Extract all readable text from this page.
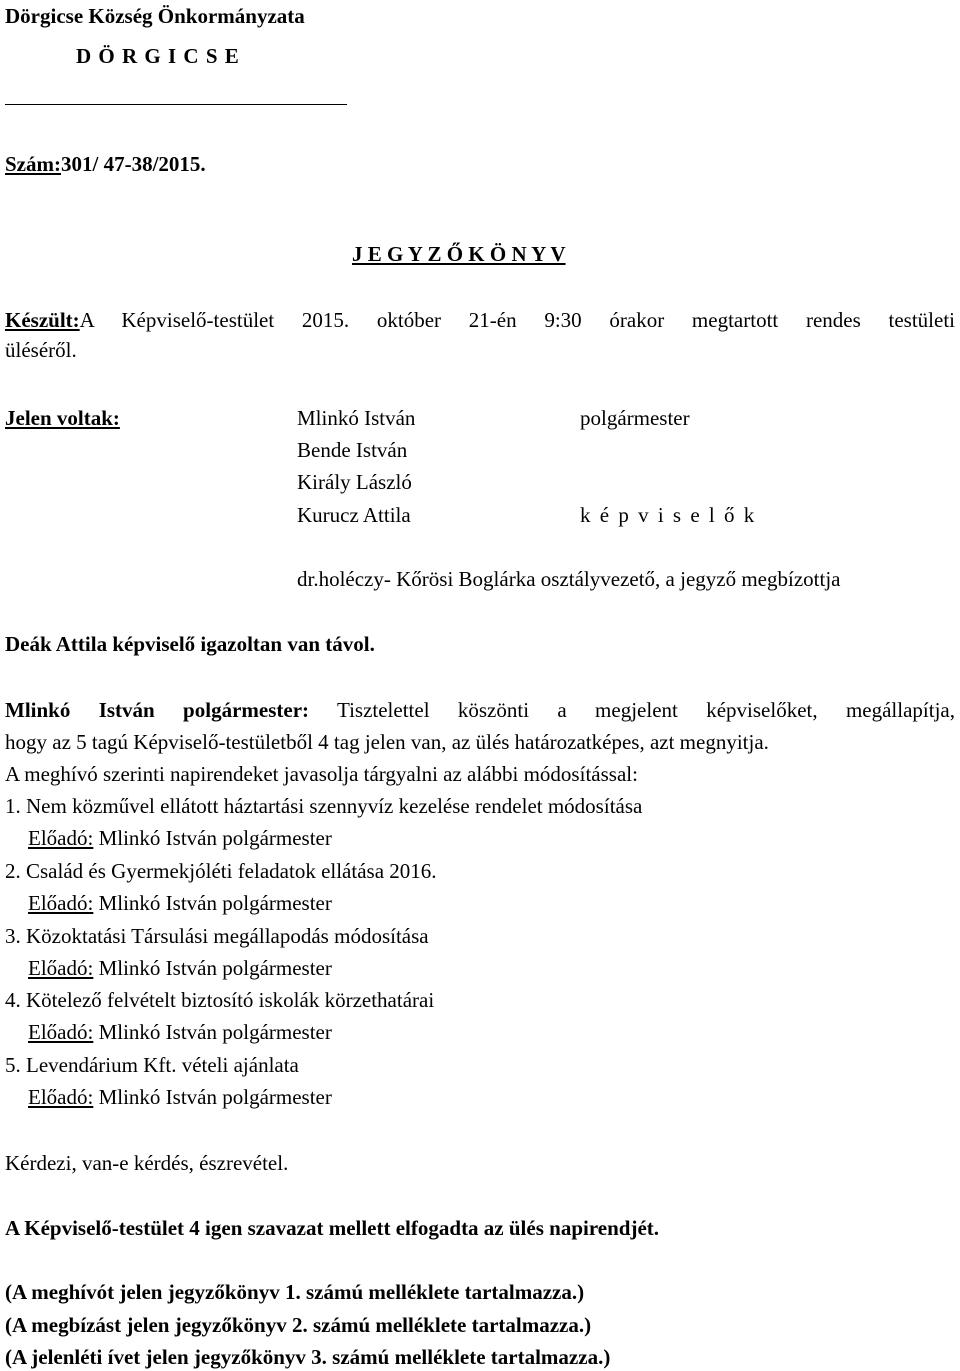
Dörgicse Község Önkormányzata
D Ö R G I C S E
Szám:301/ 47-38/2015.
J E G Y Z Ő K Ö N Y V
Készült:A Képviselő-testület 2015. október 21-én 9:30 órakor megtartott rendes testületi
üléséről.
Jelen voltak:	Mlinkó István
Bende István
Király László
Kurucz Attila
polgármester
k é p v i s e l ő k
dr.holéczy- Kőrösi Boglárka osztályvezető, a jegyző megbízottja
Deák Attila képviselő igazoltan van távol.
Mlinkó István polgármester: Tisztelettel köszönti a megjelent képviselőket, megállapítja,
hogy az 5 tagú Képviselő-testületből 4 tag jelen van, az ülés határozatképes, azt megnyitja.
A meghívó szerinti napirendeket javasolja tárgyalni az alábbi módosítással:
1. Nem közművel ellátott háztartási szennyvíz kezelése rendelet módosítása
Előadó: Mlinkó István polgármester
2. Család és Gyermekjóléti feladatok ellátása 2016.
Előadó: Mlinkó István polgármester
3. Közoktatási Társulási megállapodás módosítása
Előadó: Mlinkó István polgármester
4. Kötelező felvételt biztosító iskolák körzethatárai
Előadó: Mlinkó István polgármester
5. Levendárium Kft. vételi ajánlata
Előadó: Mlinkó István polgármester
Kérdezi, van-e kérdés, észrevétel.
A Képviselő-testület 4 igen szavazat mellett elfogadta az ülés napirendjét.
(A meghívót jelen jegyzőkönyv 1. számú melléklete tartalmazza.)
(A megbízást jelen jegyzőkönyv 2. számú melléklete tartalmazza.)
(A jelenléti ívet jelen jegyzőkönyv 3. számú melléklete tartalmazza.)
